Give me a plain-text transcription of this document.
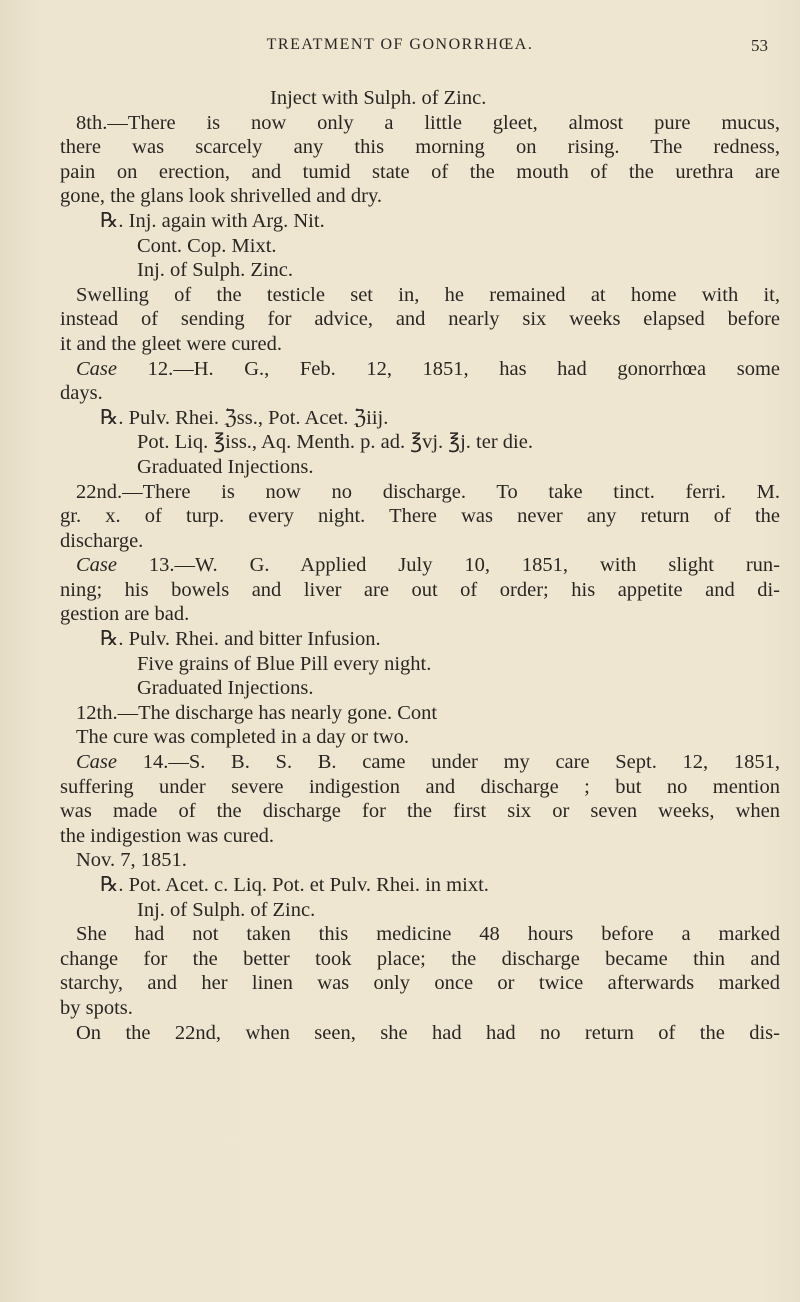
TREATMENT OF GONORRHŒA.	53
Inject with Sulph. of Zinc.
8th.—There is now only a little gleet, almost pure mucus,
there was scarcely any this morning on rising. The redness,
pain on erection, and tumid state of the mouth of the urethra are
gone, the glans look shrivelled and dry.
℞. Inj. again with Arg. Nit.
Cont. Cop. Mixt.
Inj. of Sulph. Zinc.
Swelling of the testicle set in, he remained at home with it,
instead of sending for advice, and nearly six weeks elapsed before
it and the gleet were cured.
Case 12.—H. G., Feb. 12, 1851, has had gonorrhœa some
days.
℞. Pulv. Rhei. ℨss., Pot. Acet. ℨiij.
Pot. Liq. ℥iss., Aq. Menth. p. ad. ℥vj. ℥j. ter die.
Graduated Injections.
22nd.—There is now no discharge. To take tinct. ferri. M.
gr. x. of turp. every night. There was never any return of the
discharge.
Case 13.—W. G. Applied July 10, 1851, with slight run-
ning; his bowels and liver are out of order; his appetite and di-
gestion are bad.
℞. Pulv. Rhei. and bitter Infusion.
Five grains of Blue Pill every night.
Graduated Injections.
12th.—The discharge has nearly gone. Cont
The cure was completed in a day or two.
Case 14.—S. B. S. B. came under my care Sept. 12, 1851,
suffering under severe indigestion and discharge ; but no mention
was made of the discharge for the first six or seven weeks, when
the indigestion was cured.
Nov. 7, 1851.
℞. Pot. Acet. c. Liq. Pot. et Pulv. Rhei. in mixt.
Inj. of Sulph. of Zinc.
She had not taken this medicine 48 hours before a marked
change for the better took place; the discharge became thin and
starchy, and her linen was only once or twice afterwards marked
by spots.
On the 22nd, when seen, she had had no return of the dis-
